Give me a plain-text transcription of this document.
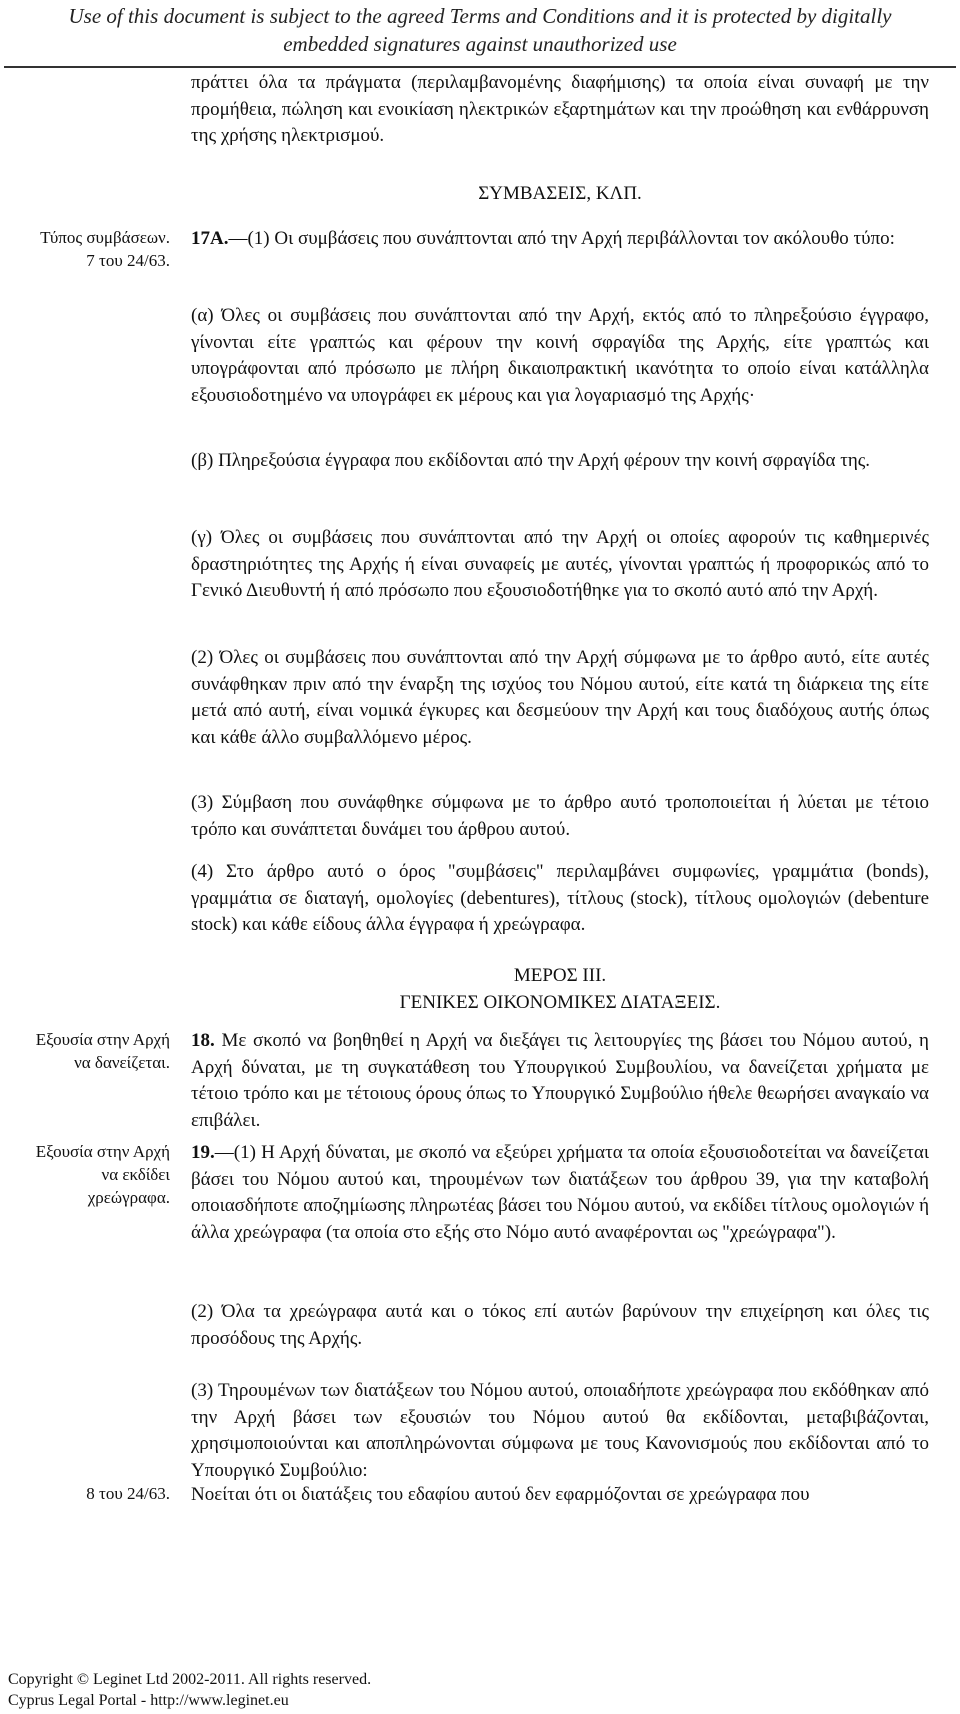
Use of this document is subject to the agreed Terms and Conditions and it is protected by digitally
embedded signatures against unauthorized use

πράττει όλα τα πράγματα (περιλαμβανομένης διαφήμισης) τα οποία είναι συναφή με την προμήθεια, πώληση και ενοικίαση ηλεκτρικών εξαρτημάτων και την προώθηση και ενθάρρυνση της χρήσης ηλεκτρισμού.

ΣΥΜΒΑΣΕΙΣ, ΚΛΠ.
Τύπος συμβάσεων.
7 του 24/63.

17A.—(1) Οι συμβάσεις που συνάπτονται από την Αρχή περιβάλλονται τον ακόλουθο τύπο:

(α) Όλες οι συμβάσεις που συνάπτονται από την Αρχή, εκτός από το πληρεξούσιο έγγραφο, γίνονται είτε γραπτώς και φέρουν την κοινή σφραγίδα της Αρχής, είτε γραπτώς και υπογράφονται από πρόσωπο με πλήρη δικαιοπρακτική ικανότητα το οποίο είναι κατάλληλα εξουσιοδοτημένο να υπογράφει εκ μέρους και για λογαριασμό της Αρχής·

(β) Πληρεξούσια έγγραφα που εκδίδονται από την Αρχή φέρουν την κοινή σφραγίδα της.

(γ) Όλες οι συμβάσεις που συνάπτονται από την Αρχή οι οποίες αφορούν τις καθημερινές δραστηριότητες της Αρχής ή είναι συναφείς με αυτές, γίνονται γραπτώς ή προφορικώς από το Γενικό Διευθυντή ή από πρόσωπο που εξουσιοδοτήθηκε για το σκοπό αυτό από την Αρχή.

(2) Όλες οι συμβάσεις που συνάπτονται από την Αρχή σύμφωνα με το άρθρο αυτό, είτε αυτές συνάφθηκαν πριν από την έναρξη της ισχύος του Νόμου αυτού, είτε κατά τη διάρκεια της είτε μετά από αυτή, είναι νομικά έγκυρες και δεσμεύουν την Αρχή και τους διαδόχους αυτής όπως και κάθε άλλο συμβαλλόμενο μέρος.

(3) Σύμβαση που συνάφθηκε σύμφωνα με το άρθρο αυτό τροποποιείται ή λύεται με τέτοιο τρόπο και συνάπτεται δυνάμει του άρθρου αυτού.

(4) Στο άρθρο αυτό ο όρος "συμβάσεις" περιλαμβάνει συμφωνίες, γραμμάτια (bonds), γραμμάτια σε διαταγή, ομολογίες (debentures), τίτλους (stock), τίτλους ομολογιών (debenture stock) και κάθε είδους άλλα έγγραφα ή χρεώγραφα.

ΜΕΡΟΣ ΙΙΙ.
ΓΕΝΙΚΕΣ ΟΙΚΟΝΟΜΙΚΕΣ ΔΙΑΤΑΞΕΙΣ.
Εξουσία στην Αρχή
να δανείζεται.

18. Με σκοπό να βοηθηθεί η Αρχή να διεξάγει τις λειτουργίες της βάσει του Νόμου αυτού, η Αρχή δύναται, με τη συγκατάθεση του Υπουργικού Συμβουλίου, να δανείζεται χρήματα με τέτοιο τρόπο και με τέτοιους όρους όπως το Υπουργικό Συμβούλιο ήθελε θεωρήσει αναγκαίο να επιβάλει.

Εξουσία στην Αρχή
να εκδίδει
χρεώγραφα.

19.—(1) Η Αρχή δύναται, με σκοπό να εξεύρει χρήματα τα οποία εξουσιοδοτείται να δανείζεται βάσει του Νόμου αυτού και, τηρουμένων των διατάξεων του άρθρου 39, για την καταβολή οποιασδήποτε αποζημίωσης πληρωτέας βάσει του Νόμου αυτού, να εκδίδει τίτλους ομολογιών ή άλλα χρεώγραφα (τα οποία στο εξής στο Νόμο αυτό αναφέρονται ως "χρεώγραφα").

(2) Όλα τα χρεώγραφα αυτά και ο τόκος επί αυτών βαρύνουν την επιχείρηση και όλες τις προσόδους της Αρχής.

(3) Τηρουμένων των διατάξεων του Νόμου αυτού, οποιαδήποτε χρεώγραφα που εκδόθηκαν από την Αρχή βάσει των εξουσιών του Νόμου αυτού θα εκδίδονται, μεταβιβάζονται, χρησιμοποιούνται και αποπληρώνονται σύμφωνα με τους Κανονισμούς που εκδίδονται από το Υπουργικό Συμβούλιο:

8 του 24/63. Νοείται ότι οι διατάξεις του εδαφίου αυτού δεν εφαρμόζονται σε χρεώγραφα που

Copyright © Leginet Ltd 2002-2011. All rights reserved.
Cyprus Legal Portal - http://www.leginet.eu
